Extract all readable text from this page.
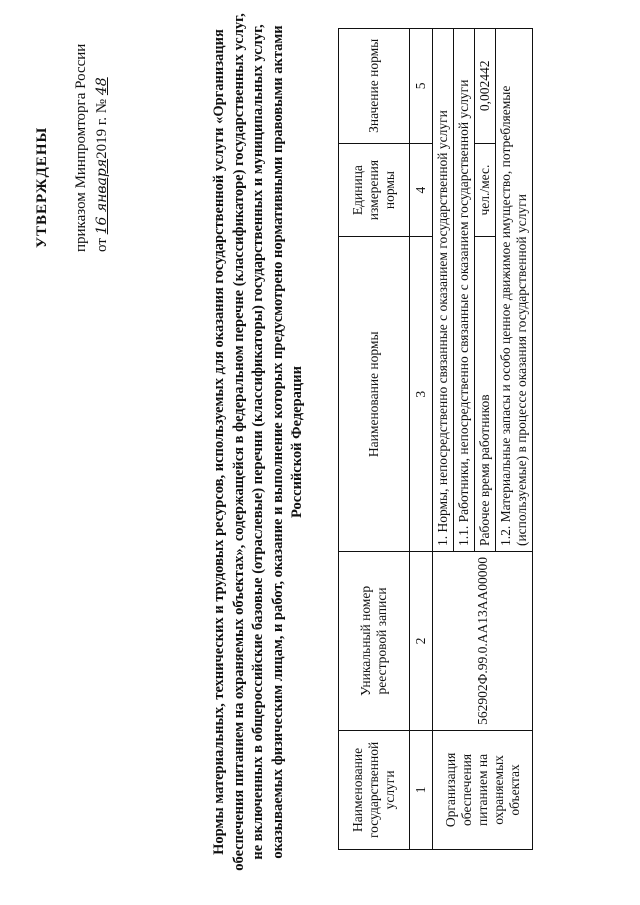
УТВЕРЖДЕНЫ приказом Минпромторга России от 16 января2019 г. № 48	Нормы материальных, технических и трудовых ресурсов, используемых для оказания государственной услуги «Организация обеспечения питанием на охраняемых объектах», содержащейся в федеральном перечне (классификаторе) государственных услуг, не включенных в общероссийские базовые (отраслевые) перечни (классификаторы) государственных и муниципальных услуг, оказываемых физическим лицам, и работ, оказание и выполнение которых предусмотрено нормативными правовыми актами Российской Федерации
Наименование государственной услуги	Уникальный номер реестровой записи	Наименование нормы	Единица измерения нормы	Значение нормы
1	2	3	4	5
Организация обеспечения питанием на охраняемых объектах	562902Ф.99.0.АА13АА00000	1. Нормы, непосредственно связанные с оказанием государственной услуги		
		1.1. Работники, непосредственно связанные с оказанием государственной услуги		
		Рабочее время работников	чел./мес.	0,002442
		1.2. Материальные запасы и особо ценное движимое имущество, потребляемые (используемые) в процессе оказания государственной услуги		
